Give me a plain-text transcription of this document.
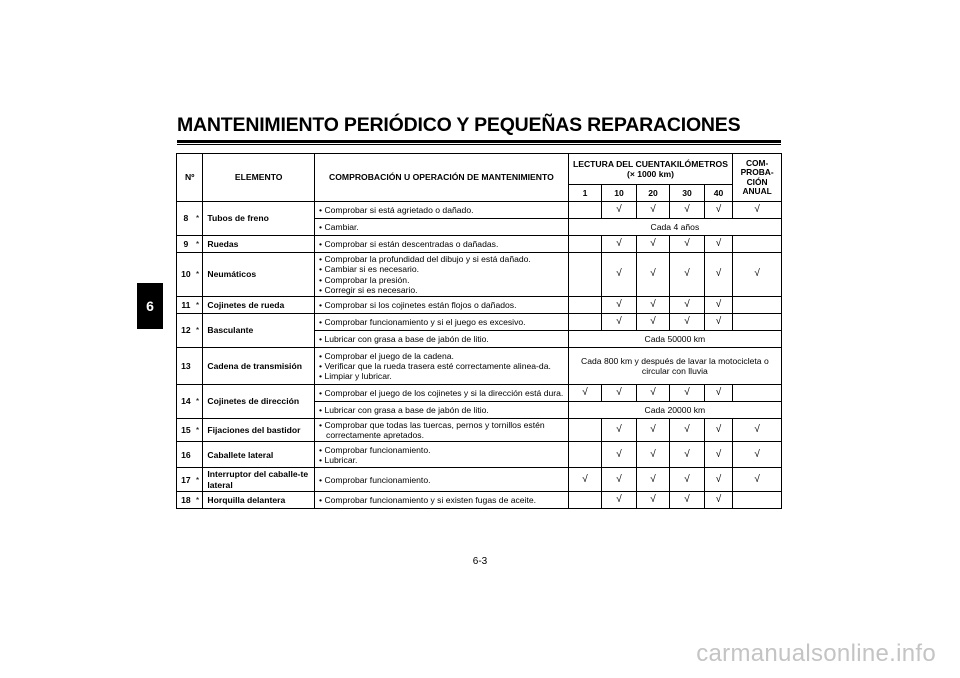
MANTENIMIENTO PERIÓDICO Y PEQUEÑAS REPARACIONES
6
Nº		ELEMENTO	COMPROBACIÓN U OPERACIÓN DE MANTENIMIENTO	LECTURA DEL CUENTAKILÓMETROS
(× 1000 km)					COM-PROBA-CIÓN ANUAL
				1	10	20	30	40	
8	*	Tubos de freno	• Comprobar si está agrietado o dañado.		√	√	√	√	√

			• Cambiar.	Cada 4 años					
9	*	Ruedas	• Comprobar si están descentradas o dañadas.		√	√	√	√	
10	*	Neumáticos	• Comprobar la profundidad del dibujo y si está dañado.
• Cambiar si es necesario.
• Comprobar la presión.
• Corregir si es necesario.		√	√	√	√	√
11	*	Cojinetes de rueda	• Comprobar si los cojinetes están flojos o dañados.		√	√	√	√	
12	*	Basculante	• Comprobar funcionamiento y si el juego es excesivo.		√	√	√	√	

			• Lubricar con grasa a base de jabón de litio.	Cada 50000 km					
13		Cadena de transmisión	• Comprobar el juego de la cadena.
• Verificar que la rueda trasera esté correctamente alinea-da.
• Limpiar y lubricar.	Cada 800 km y después de lavar la motocicleta o circular con lluvia					
14	*	Cojinetes de dirección	• Comprobar el juego de los cojinetes y si la dirección está dura.	√	√	√	√	√	

			• Lubricar con grasa a base de jabón de litio.	Cada 20000 km					
15	*	Fijaciones del bastidor	• Comprobar que todas las tuercas, pernos y tornillos estén correctamente apretados.		√	√	√	√	√
16		Caballete lateral	• Comprobar funcionamiento.
• Lubricar.		√	√	√	√	√
17	*	Interruptor del caballe-te lateral	• Comprobar funcionamiento.	√	√	√	√	√	√
18	*	Horquilla delantera	• Comprobar funcionamiento y si existen fugas de aceite.		√	√	√	√	
6-3
carmanualsonline.info
